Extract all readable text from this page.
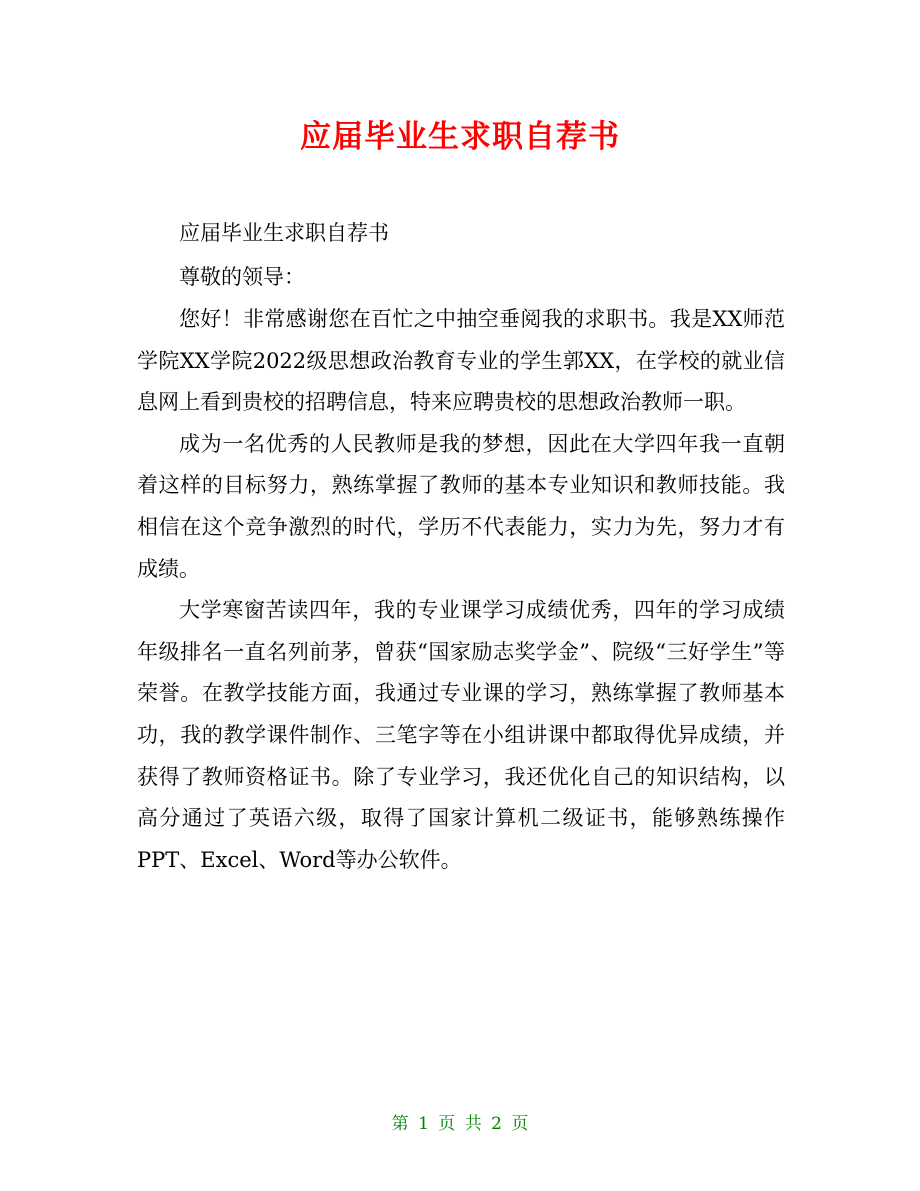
应届毕业生求职自荐书

应届毕业生求职自荐书

尊敬的领导：

您好！非常感谢您在百忙之中抽空垂阅我的求职书。我是XX师范学院XX学院2022级思想政治教育专业的学生郭XX，在学校的就业信息网上看到贵校的招聘信息，特来应聘贵校的思想政治教师一职。

成为一名优秀的人民教师是我的梦想，因此在大学四年我一直朝着这样的目标努力，熟练掌握了教师的基本专业知识和教师技能。我相信在这个竞争激烈的时代，学历不代表能力，实力为先，努力才有成绩。

大学寒窗苦读四年，我的专业课学习成绩优秀，四年的学习成绩年级排名一直名列前茅，曾获“国家励志奖学金”、院级“三好学生”等荣誉。在教学技能方面，我通过专业课的学习，熟练掌握了教师基本功，我的教学课件制作、三笔字等在小组讲课中都取得优异成绩，并获得了教师资格证书。除了专业学习，我还优化自己的知识结构，以高分通过了英语六级，取得了国家计算机二级证书，能够熟练操作PPT、Excel、Word等办公软件。

第 1 页 共 2 页
